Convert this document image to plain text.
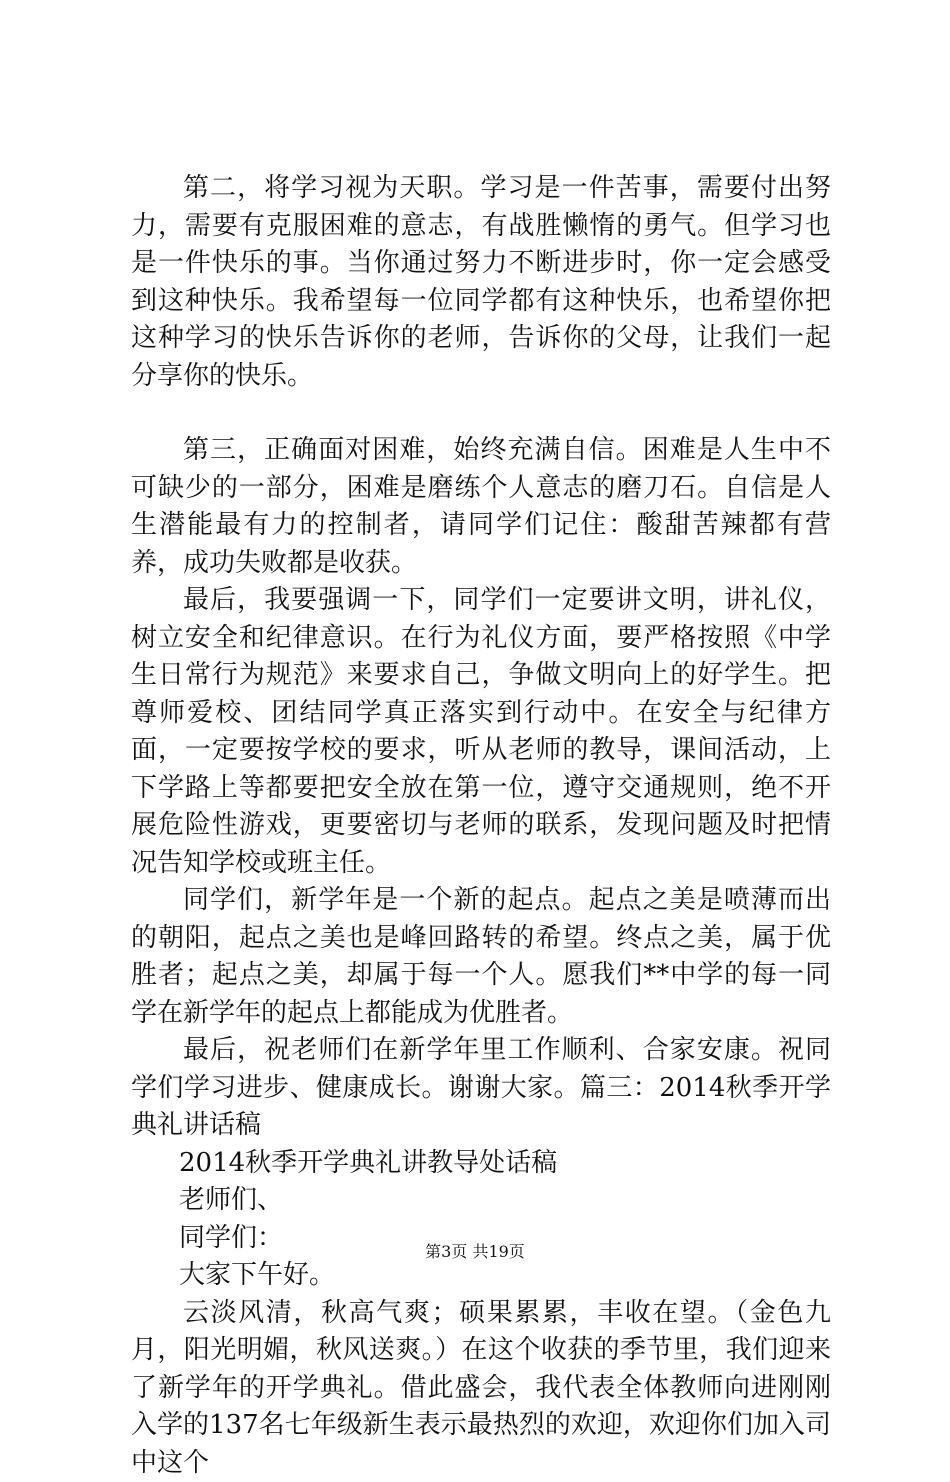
第二，将学习视为天职。学习是一件苦事，需要付出努力，需要有克服困难的意志，有战胜懒惰的勇气。但学习也是一件快乐的事。当你通过努力不断进步时，你一定会感受到这种快乐。我希望每一位同学都有这种快乐，也希望你把这种学习的快乐告诉你的老师，告诉你的父母，让我们一起分享你的快乐。

第三，正确面对困难，始终充满自信。困难是人生中不可缺少的一部分，困难是磨练个人意志的磨刀石。自信是人生潜能最有力的控制者，请同学们记住：酸甜苦辣都有营养，成功失败都是收获。

最后，我要强调一下，同学们一定要讲文明，讲礼仪，树立安全和纪律意识。在行为礼仪方面，要严格按照《中学生日常行为规范》来要求自己，争做文明向上的好学生。把尊师爱校、团结同学真正落实到行动中。在安全与纪律方面，一定要按学校的要求，听从老师的教导，课间活动，上下学路上等都要把安全放在第一位，遵守交通规则，绝不开展危险性游戏，更要密切与老师的联系，发现问题及时把情况告知学校或班主任。

同学们，新学年是一个新的起点。起点之美是喷薄而出的朝阳，起点之美也是峰回路转的希望。终点之美，属于优胜者；起点之美，却属于每一个人。愿我们**中学的每一同学在新学年的起点上都能成为优胜者。

最后，祝老师们在新学年里工作顺利、合家安康。祝同学们学习进步、健康成长。谢谢大家。篇三：2014秋季开学典礼讲话稿

2014秋季开学典礼讲教导处话稿

老师们、

同学们：

大家下午好。

云淡风清，秋高气爽；硕果累累，丰收在望。（金色九月，阳光明媚，秋风送爽。）在这个收获的季节里，我们迎来了新学年的开学典礼。借此盛会，我代表全体教师向进刚刚入学的137名七年级新生表示最热烈的欢迎，欢迎你们加入司中这个

第3页 共19页
